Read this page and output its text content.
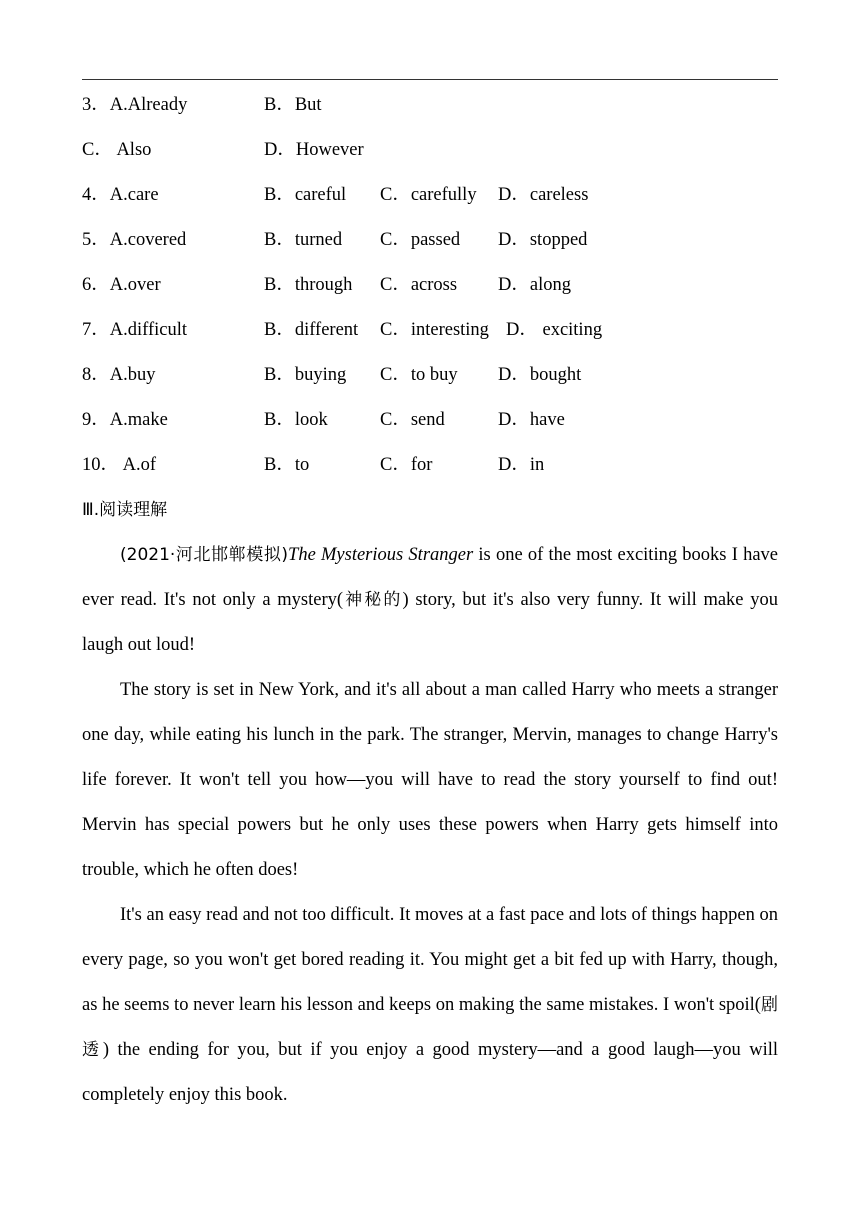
3．A.Already	B．But
C． Also	D．However
4．A.care	B．careful C．carefully D．careless
5．A.covered	B．turned C．passed D．stopped
6．A.over	B．through C．across D．along
7．A.difficult	B．different C．interesting D． exciting
8．A.buy	B．buying C．to buy D．bought
9．A.make	B．look	C．send	D．have
10． A.of	B．to	C．for	D．in
Ⅲ.阅读理解

(2021·河北邯郸模拟)The Mysterious Stranger is one of the most exciting books I have ever read. It's not only a mystery(神秘的) story, but it's also very funny. It will make you laugh out loud!

The story is set in New York, and it's all about a man called Harry who meets a stranger one day, while eating his lunch in the park. The stranger, Mervin, manages to change Harry's life forever. It won't tell you how—you will have to read the story yourself to find out! Mervin has special powers but he only uses these powers when Harry gets himself into trouble, which he often does!

It's an easy read and not too difficult. It moves at a fast pace and lots of things happen on every page, so you won't get bored reading it. You might get a bit fed up with Harry, though, as he seems to never learn his lesson and keeps on making the same mistakes. I won't spoil(剧透) the ending for you, but if you enjoy a good mystery—and a good laugh—you will completely enjoy this book.
